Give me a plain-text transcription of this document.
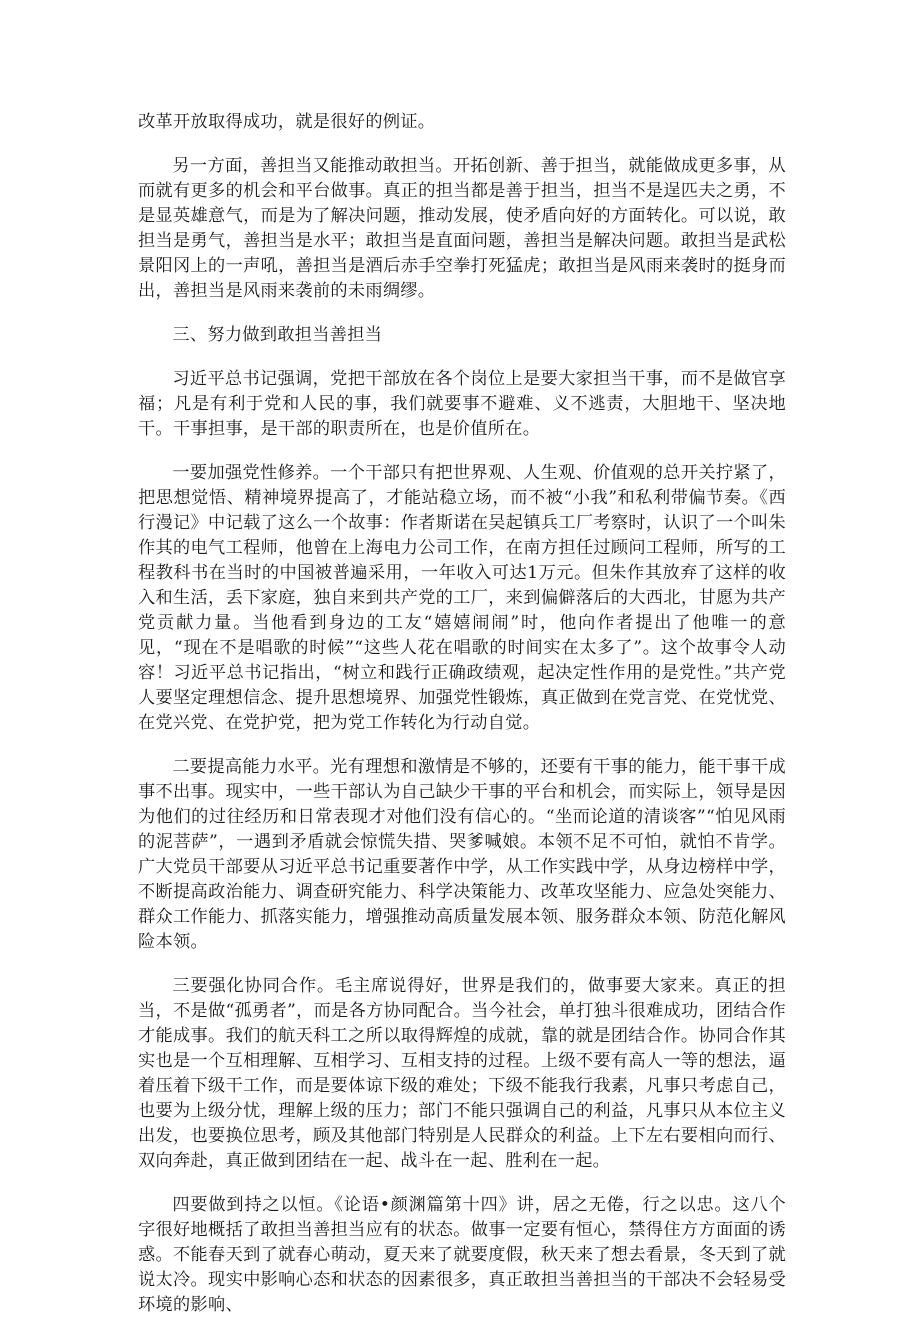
改革开放取得成功，就是很好的例证。

另一方面，善担当又能推动敢担当。开拓创新、善于担当，就能做成更多事，从而就有更多的机会和平台做事。真正的担当都是善于担当，担当不是逞匹夫之勇，不是显英雄意气，而是为了解决问题，推动发展，使矛盾向好的方面转化。可以说，敢担当是勇气，善担当是水平；敢担当是直面问题，善担当是解决问题。敢担当是武松景阳冈上的一声吼，善担当是酒后赤手空拳打死猛虎；敢担当是风雨来袭时的挺身而出，善担当是风雨来袭前的未雨绸缪。

三、努力做到敢担当善担当

习近平总书记强调，党把干部放在各个岗位上是要大家担当干事，而不是做官享福；凡是有利于党和人民的事，我们就要事不避难、义不逃责，大胆地干、坚决地干。干事担事，是干部的职责所在，也是价值所在。

一要加强党性修养。一个干部只有把世界观、人生观、价值观的总开关拧紧了，把思想觉悟、精神境界提高了，才能站稳立场，而不被“小我”和私利带偏节奏。《西行漫记》中记载了这么一个故事：作者斯诺在吴起镇兵工厂考察时，认识了一个叫朱作其的电气工程师，他曾在上海电力公司工作，在南方担任过顾问工程师，所写的工程教科书在当时的中国被普遍采用，一年收入可达1万元。但朱作其放弃了这样的收入和生活，丢下家庭，独自来到共产党的工厂，来到偏僻落后的大西北，甘愿为共产党贡献力量。当他看到身边的工友“嬉嬉闹闹”时，他向作者提出了他唯一的意见，“现在不是唱歌的时候”“这些人花在唱歌的时间实在太多了”。这个故事令人动容！习近平总书记指出，“树立和践行正确政绩观，起决定性作用的是党性。”共产党人要坚定理想信念、提升思想境界、加强党性锻炼，真正做到在党言党、在党忧党、在党兴党、在党护党，把为党工作转化为行动自觉。

二要提高能力水平。光有理想和激情是不够的，还要有干事的能力，能干事干成事不出事。现实中，一些干部认为自己缺少干事的平台和机会，而实际上，领导是因为他们的过往经历和日常表现才对他们没有信心的。“坐而论道的清谈客”“怕见风雨的泥菩萨”，一遇到矛盾就会惊慌失措、哭爹喊娘。本领不足不可怕，就怕不肯学。广大党员干部要从习近平总书记重要著作中学，从工作实践中学，从身边榜样中学，不断提高政治能力、调查研究能力、科学决策能力、改革攻坚能力、应急处突能力、群众工作能力、抓落实能力，增强推动高质量发展本领、服务群众本领、防范化解风险本领。

三要强化协同合作。毛主席说得好，世界是我们的，做事要大家来。真正的担当，不是做“孤勇者”，而是各方协同配合。当今社会，单打独斗很难成功，团结合作才能成事。我们的航天科工之所以取得辉煌的成就，靠的就是团结合作。协同合作其实也是一个互相理解、互相学习、互相支持的过程。上级不要有高人一等的想法，逼着压着下级干工作，而是要体谅下级的难处；下级不能我行我素，凡事只考虑自己，也要为上级分忧，理解上级的压力；部门不能只强调自己的利益，凡事只从本位主义出发，也要换位思考，顾及其他部门特别是人民群众的利益。上下左右要相向而行、双向奔赴，真正做到团结在一起、战斗在一起、胜利在一起。

四要做到持之以恒。《论语•颜渊篇第十四》讲，居之无倦，行之以忠。这八个字很好地概括了敢担当善担当应有的状态。做事一定要有恒心，禁得住方方面面的诱惑。不能春天到了就春心萌动，夏天来了就要度假，秋天来了想去看景，冬天到了就说太冷。现实中影响心态和状态的因素很多，真正敢担当善担当的干部决不会轻易受环境的影响、
